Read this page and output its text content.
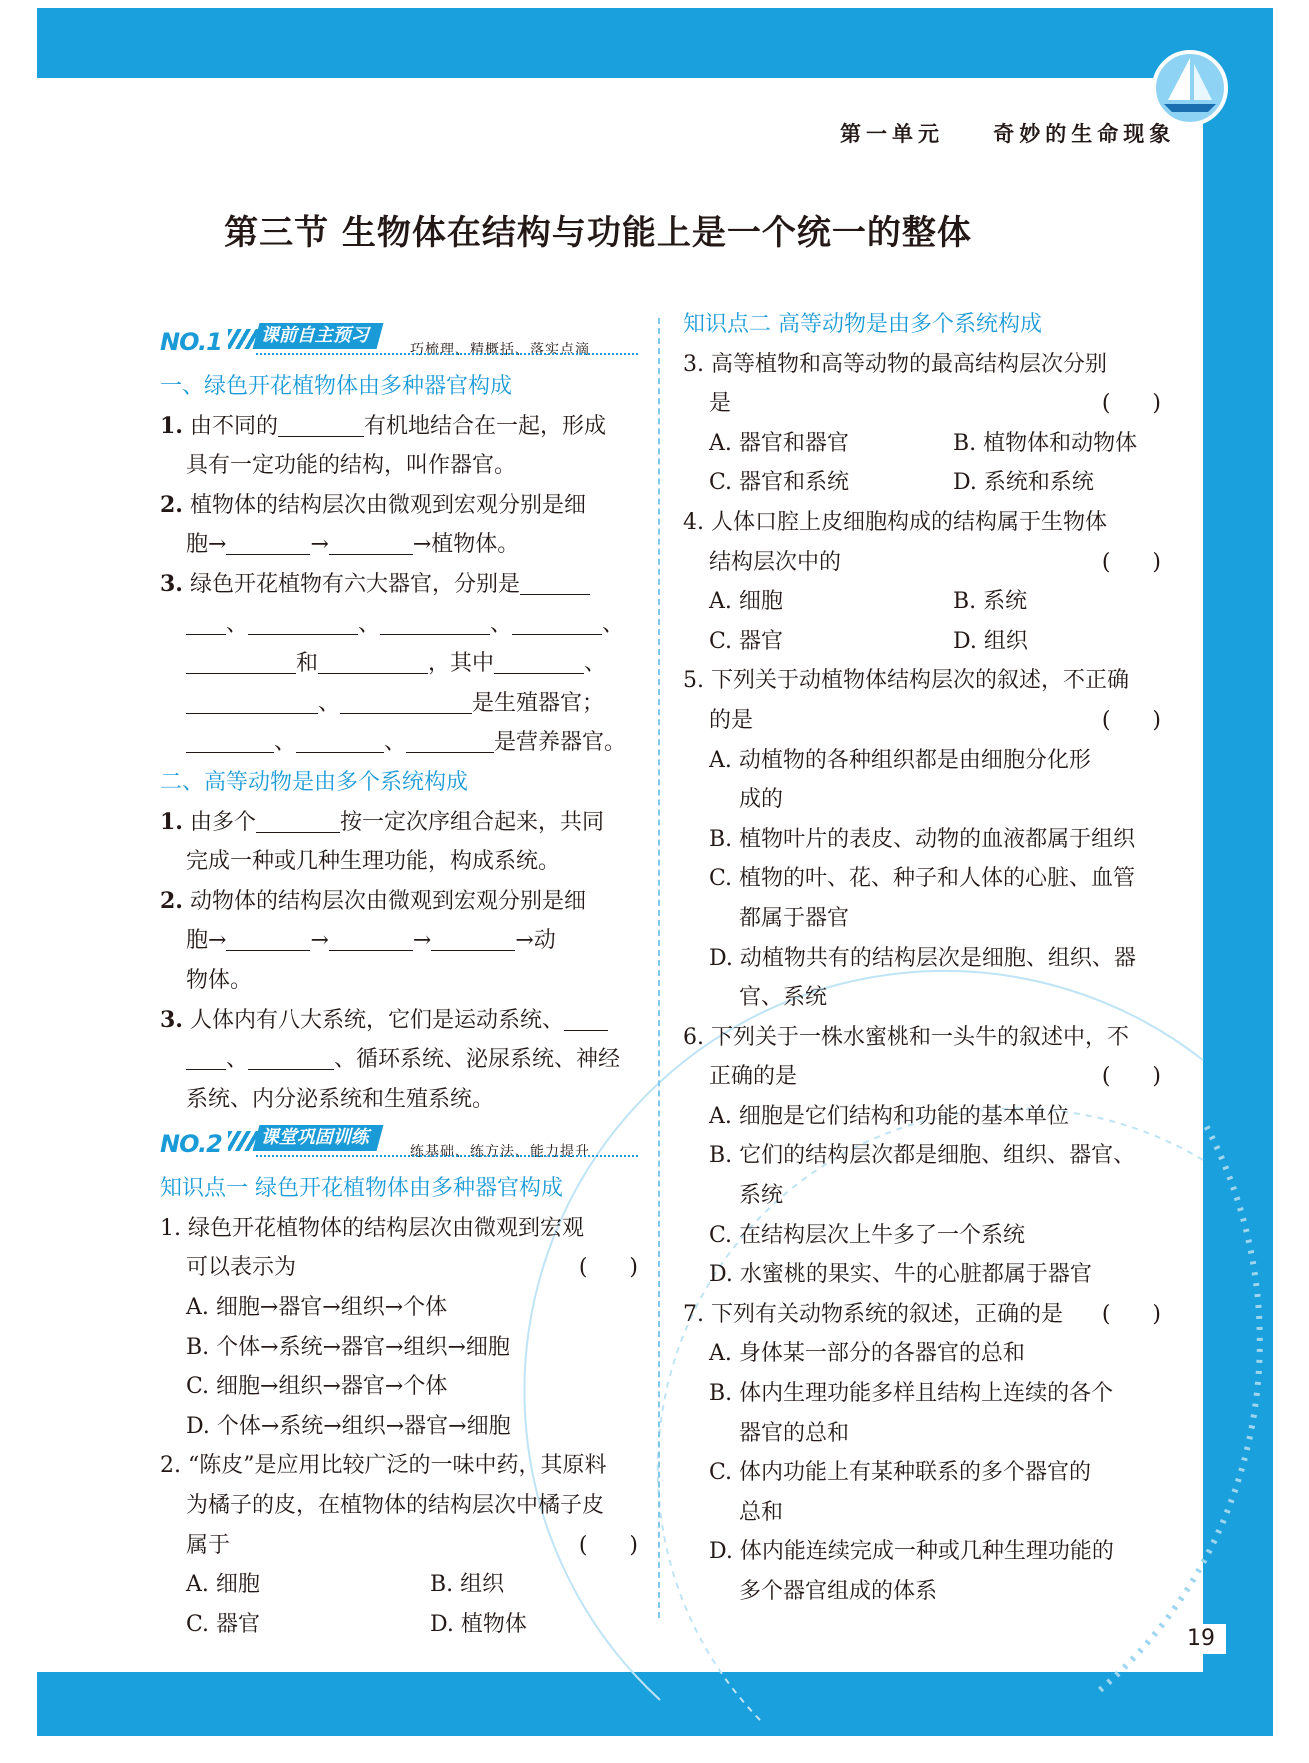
第一单元    奇妙的生命现象
第三节 生物体在结构与功能上是一个统一的整体
NO.1	课前自主预习
巧梳理、精概括、落实点滴
一、绿色开花植物体由多种器官构成
1. 由不同的	有机地结合在一起，形成
具有一定功能的结构，叫作器官。
2. 植物体的结构层次由微观到宏观分别是细
胞→	→	→植物体。
3. 绿色开花植物有六大器官，分别是
、	、	、	、
和	，其中	、
、	是生殖器官；
、	、	是营养器官。
二、高等动物是由多个系统构成
1. 由多个	按一定次序组合起来，共同
完成一种或几种生理功能，构成系统。
2. 动物体的结构层次由微观到宏观分别是细
胞→	→	→	→动
物体。
3. 人体内有八大系统，它们是运动系统、
、	、循环系统、泌尿系统、神经
系统、内分泌系统和生殖系统。
NO.2	课堂巩固训练
练基础、练方法、能力提升
知识点一 绿色开花植物体由多种器官构成
1. 绿色开花植物体的结构层次由微观到宏观
可以表示为	(      )
A. 细胞→器官→组织→个体
B. 个体→系统→器官→组织→细胞
C. 细胞→组织→器官→个体
D. 个体→系统→组织→器官→细胞
2. “陈皮”是应用比较广泛的一味中药，其原料
为橘子的皮，在植物体的结构层次中橘子皮
属于	(      )
A. 细胞	B. 组织
C. 器官	D. 植物体
知识点二 高等动物是由多个系统构成
3. 高等植物和高等动物的最高结构层次分别
是	(      )
A. 器官和器官	B. 植物体和动物体
C. 器官和系统	D. 系统和系统
4. 人体口腔上皮细胞构成的结构属于生物体
结构层次中的	(      )
A. 细胞	B. 系统
C. 器官	D. 组织
5. 下列关于动植物体结构层次的叙述，不正确
的是	(      )
A. 动植物的各种组织都是由细胞分化形
成的
B. 植物叶片的表皮、动物的血液都属于组织
C. 植物的叶、花、种子和人体的心脏、血管
都属于器官
D. 动植物共有的结构层次是细胞、组织、器
官、系统
6. 下列关于一株水蜜桃和一头牛的叙述中，不
正确的是	(      )
A. 细胞是它们结构和功能的基本单位
B. 它们的结构层次都是细胞、组织、器官、
系统
C. 在结构层次上牛多了一个系统
D. 水蜜桃的果实、牛的心脏都属于器官
7. 下列有关动物系统的叙述，正确的是 (      )
A. 身体某一部分的各器官的总和
B. 体内生理功能多样且结构上连续的各个
器官的总和
C. 体内功能上有某种联系的多个器官的
总和
D. 体内能连续完成一种或几种生理功能的
多个器官组成的体系
19
